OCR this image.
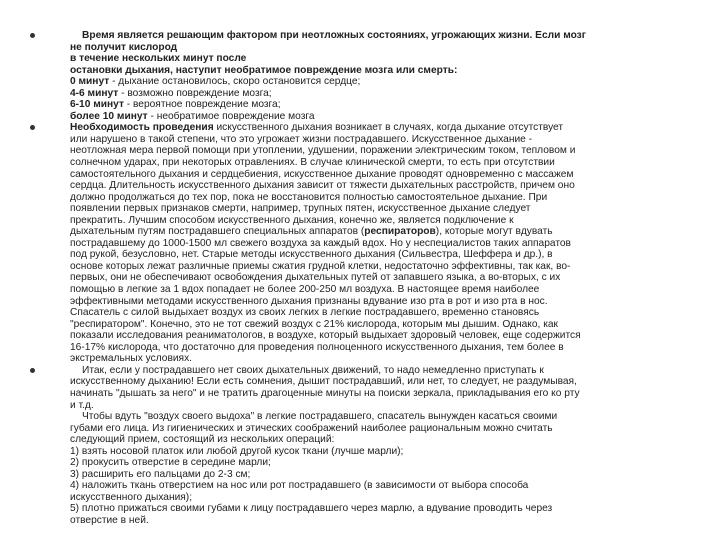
Время является решающим фактором при неотложных состояниях, угрожающих жизни. Если мозг
не получит кислород
в течение нескольких минут после
остановки дыхания, наступит необратимое повреждение мозга или смерть:
0 минут - дыхание остановилось, скоро остановится сердце;
4-6 минут - возможно повреждение мозга;
6-10 минут - вероятное повреждение мозга;
более 10 минут - необратимое повреждение мозга
Необходимость проведения искусственного дыхания возникает в случаях, когда дыхание отсутствует
или нарушено в такой степени, что это угрожает жизни пострадавшего. Искусственное дыхание -
неотложная мера первой помощи при утоплении, удушении, поражении электрическим током, тепловом и
солнечном ударах, при некоторых отравлениях. В случае клинической смерти, то есть при отсутствии
самостоятельного дыхания и сердцебиения, искусственное дыхание проводят одновременно с массажем
сердца. Длительность искусственного дыхания зависит от тяжести дыхательных расстройств, причем оно
должно продолжаться до тех пор, пока не восстановится полностью самостоятельное дыхание. При
появлении первых признаков смерти, например, трупных пятен, искусственное дыхание следует
прекратить. Лучшим способом искусственного дыхания, конечно же, является подключение к
дыхательным путям пострадавшего специальных аппаратов (респираторов), которые могут вдувать
пострадавшему до 1000-1500 мл свежего воздуха за каждый вдох. Но у неспециалистов таких аппаратов
под рукой, безусловно, нет. Старые методы искусственного дыхания (Сильвестра, Шеффера и др.), в
основе которых лежат различные приемы сжатия грудной клетки, недостаточно эффективны, так как, во-
первых, они не обеспечивают освобождения дыхательных путей от запавшего языка, а во-вторых, с их
помощью в легкие за 1 вдох попадает не более 200-250 мл воздуха. В настоящее время наиболее
эффективными методами искусственного дыхания признаны вдувание изо рта в рот и изо рта в нос.
Спасатель с силой выдыхает воздух из своих легких в легкие пострадавшего, временно становясь
"респиратором". Конечно, это не тот свежий воздух с 21% кислорода, которым мы дышим. Однако, как
показали исследования реаниматологов, в воздухе, который выдыхает здоровый человек, еще содержится
16-17% кислорода, что достаточно для проведения полноценного искусственного дыхания, тем более в
экстремальных условиях.
Итак, если у пострадавшего нет своих дыхательных движений, то надо немедленно приступать к
искусственному дыханию! Если есть сомнения, дышит пострадавший, или нет, то следует, не раздумывая,
начинать "дышать за него" и не тратить драгоценные минуты на поиски зеркала, прикладывания его ко рту
и т.д.
Чтобы вдуть "воздух своего выдоха" в легкие пострадавшего, спасатель вынужден касаться своими
губами его лица. Из гигиенических и этических соображений наиболее рациональным можно считать
следующий прием, состоящий из нескольких операций:
1) взять носовой платок или любой другой кусок ткани (лучше марли);
2) прокусить отверстие в середине марли;
3) расширить его пальцами до 2-3 см;
4) наложить ткань отверстием на нос или рот пострадавшего (в зависимости от выбора способа
искусственного дыхания);
5) плотно прижаться своими губами к лицу пострадавшего через марлю, а вдувание проводить через
отверстие в ней.
